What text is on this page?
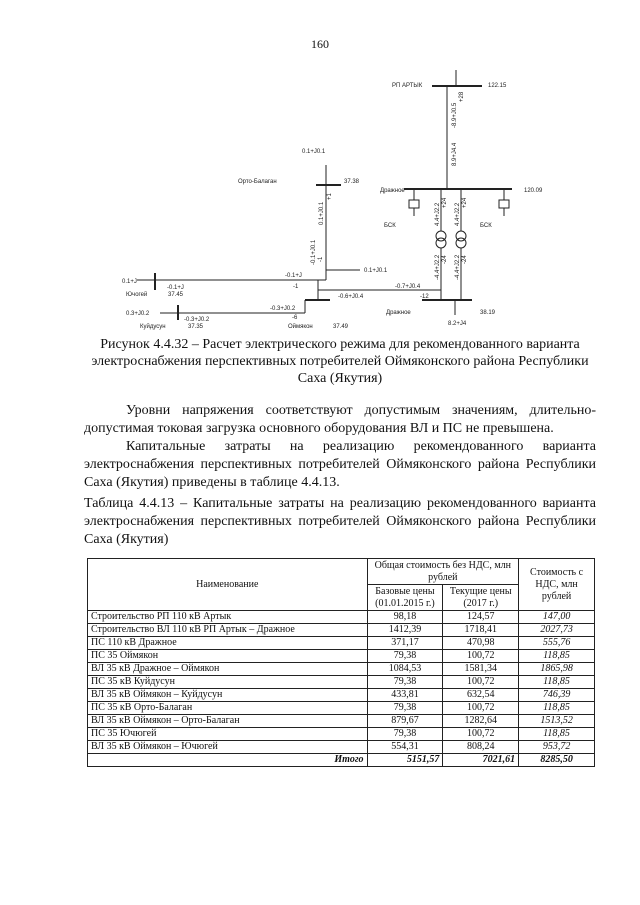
160
РП АРТЫК	122.15
-8.9+J0.5
+28
8.9+J4.4
Дражное	120.09
БСК	БСК
4.4+J2.2 +24
-4.4+J2.2 -24
4.4+J2.2 +24
-4.4+J2.2 -24
Дражное	38.19
8.2+J4
0.1+J0.1
Орто-Балаган	37.38
0.1+J0.1
+1
-0.1+J0.1 -1
0.1+J0.1
0.1+J
-0.1+J
Ючогей	37.45
-0.1+J
-1
0.3+J0.2
-0.3+J0.2
Куйдусун	37.35
-0.3+J0.2
-6
Оймякон	37.49
-0.6+J0.4
-0.7+J0.4
-12
Рисунок 4.4.32 – Расчет электрического режима для рекомендованного варианта
электроснабжения перспективных потребителей Оймяконского района Республики
Саха (Якутия)
Уровни напряжения соответствуют допустимым значениям, длительно-
допустимая токовая загрузка основного оборудования ВЛ и ПС не превышена.
Капитальные затраты на реализацию рекомендованного варианта
электроснабжения перспективных потребителей Оймяконского района Республики
Саха (Якутия) приведены в таблице 4.4.13.
Таблица 4.4.13 – Капитальные затраты на реализацию рекомендованного варианта
электроснабжения перспективных потребителей Оймяконского района Республики
Саха (Якутия)
Наименование	Общая стоимость без НДС, млн рублей		Стоимость с НДС, млн рублей
	Базовые цены (01.01.2015 г.)	Текущие цены (2017 г.)	
Строительство РП 110 кВ Артык	98,18	124,57	147,00
Строительство ВЛ 110 кВ РП Артык – Дражное	1412,39	1718,41	2027,73
ПС 110 кВ Дражное	371,17	470,98	555,76
ПС 35 Оймякон	79,38	100,72	118,85
ВЛ 35 кВ Дражное – Оймякон	1084,53	1581,34	1865,98
ПС 35 кВ Куйдусун	79,38	100,72	118,85
ВЛ 35 кВ Оймякон – Куйдусун	433,81	632,54	746,39
ПС 35 кВ Орто-Балаган	79,38	100,72	118,85
ВЛ 35 кВ Оймякон – Орто-Балаган	879,67	1282,64	1513,52
ПС 35 Ючюгей	79,38	100,72	118,85
ВЛ 35 кВ Оймякон – Ючюгей	554,31	808,24	953,72
Итого	5151,57	7021,61	8285,50
